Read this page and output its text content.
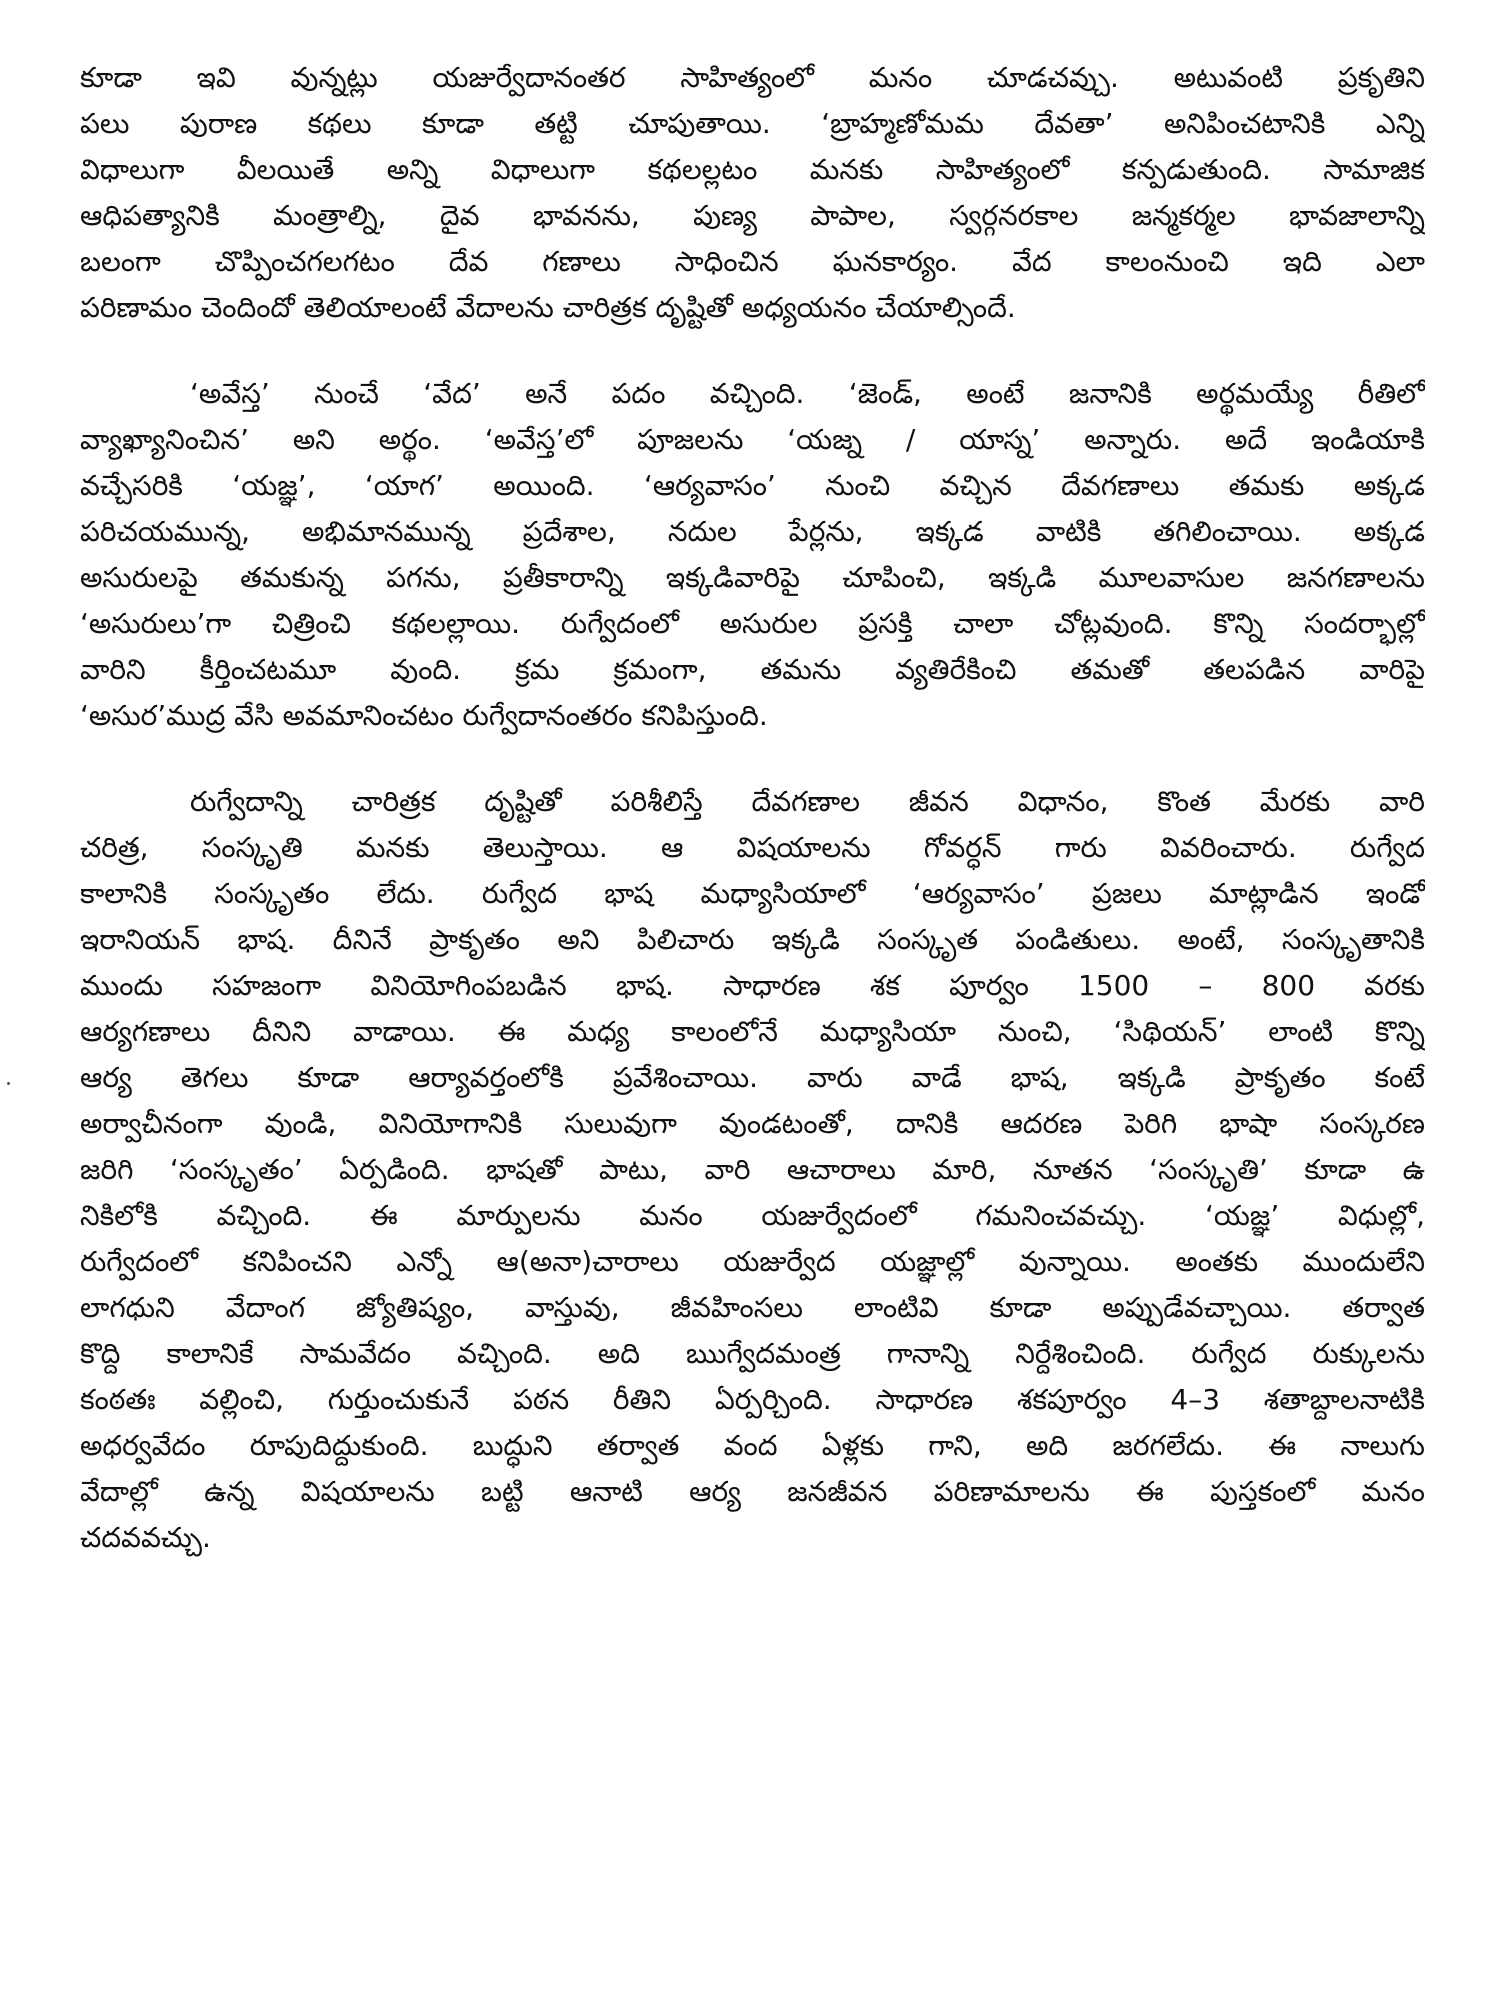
కూడా ఇవి వున్నట్లు యజుర్వేదానంతర సాహిత్యంలో మనం చూడచవ్చు. అటువంటి ప్రకృతిని
పలు పురాణ కథలు కూడా తట్టి చూపుతాయి. ‘బ్రాహ్మణోమమ దేవతా’ అనిపించటానికి ఎన్ని
విధాలుగా వీలయితే అన్ని విధాలుగా కథలల్లటం మనకు సాహిత్యంలో కన్పడుతుంది. సామాజిక
ఆధిపత్యానికి మంత్రాల్ని, దైవ భావనను, పుణ్య పాపాల, స్వర్గనరకాల జన్మకర్మల భావజాలాన్ని
బలంగా చొప్పించగలగటం దేవ గణాలు సాధించిన ఘనకార్యం. వేద కాలంనుంచి ఇది ఎలా
పరిణామం చెందిందో తెలియాలంటే వేదాలను చారిత్రక దృష్టితో అధ్యయనం చేయాల్సిందే.
‘అవేస్త’ నుంచే ‘వేద’ అనే పదం వచ్చింది. ‘జెండ్, అంటే జనానికి అర్థమయ్యే రీతిలో
వ్యాఖ్యానించిన’ అని అర్థం. ‘అవేస్త’లో పూజలను ‘యజ్న / యాస్న’ అన్నారు. అదే ఇండియాకి
వచ్చేసరికి ‘యజ్ఞ’, ‘యాగ’ అయింది. ‘ఆర్యవాసం’ నుంచి వచ్చిన దేవగణాలు తమకు అక్కడ
పరిచయమున్న, అభిమానమున్న ప్రదేశాల, నదుల పేర్లను, ఇక్కడ వాటికి తగిలించాయి. అక్కడ
అసురులపై తమకున్న పగను, ప్రతీకారాన్ని ఇక్కడివారిపై చూపించి, ఇక్కడి మూలవాసుల జనగణాలను
‘అసురులు’గా చిత్రించి కథలల్లాయి. రుగ్వేదంలో అసురుల ప్రసక్తి చాలా చోట్లవుంది. కొన్ని సందర్భాల్లో
వారిని కీర్తించటమూ వుంది. క్రమ క్రమంగా, తమను వ్యతిరేకించి తమతో తలపడిన వారిపై
‘అసుర’ముద్ర వేసి అవమానించటం రుగ్వేదానంతరం కనిపిస్తుంది.
రుగ్వేదాన్ని చారిత్రక దృష్టితో పరిశీలిస్తే దేవగణాల జీవన విధానం, కొంత మేరకు వారి
చరిత్ర, సంస్కృతి మనకు తెలుస్తాయి. ఆ విషయాలను గోవర్ధన్ గారు వివరించారు. రుగ్వేద
కాలానికి సంస్కృతం లేదు. రుగ్వేద భాష మధ్యాసియాలో ‘ఆర్యవాసం’ ప్రజలు మాట్లాడిన ఇండో
ఇరానియన్ భాష. దీనినే ప్రాకృతం అని పిలిచారు ఇక్కడి సంస్కృత పండితులు. అంటే, సంస్కృతానికి
ముందు సహజంగా వినియోగింపబడిన భాష. సాధారణ శక పూర్వం 1500 – 800 వరకు
ఆర్యగణాలు దీనిని వాడాయి. ఈ మధ్య కాలంలోనే మధ్యాసియా నుంచి, ‘సిథియన్’ లాంటి కొన్ని
ఆర్య తెగలు కూడా ఆర్యావర్తంలోకి ప్రవేశించాయి. వారు వాడే భాష, ఇక్కడి ప్రాకృతం కంటే
అర్వాచీనంగా వుండి, వినియోగానికి సులువుగా వుండటంతో, దానికి ఆదరణ పెరిగి భాషా సంస్కరణ
జరిగి ‘సంస్కృతం’ ఏర్పడింది. భాషతో పాటు, వారి ఆచారాలు మారి, నూతన ‘సంస్కృతి’ కూడా ఉ
నికిలోకి వచ్చింది. ఈ మార్పులను మనం యజుర్వేదంలో గమనించవచ్చు. ‘యజ్ఞ’ విధుల్లో,
రుగ్వేదంలో కనిపించని ఎన్నో ఆ(అనా)చారాలు యజుర్వేద యజ్ఞాల్లో వున్నాయి. అంతకు ముందులేని
లాగధుని వేదాంగ జ్యోతిష్యం, వాస్తువు, జీవహింసలు లాంటివి కూడా అప్పుడేవచ్చాయి. తర్వాత
కొద్ది కాలానికే సామవేదం వచ్చింది. అది ఋగ్వేదమంత్ర గానాన్ని నిర్దేశించింది. రుగ్వేద రుక్కులను
కంఠతః వల్లించి, గుర్తుంచుకునే పఠన రీతిని ఏర్పర్చింది. సాధారణ శకపూర్వం 4–3 శతాబ్దాలనాటికి
అధర్వవేదం రూపుదిద్దుకుంది. బుద్ధుని తర్వాత వంద ఏళ్లకు గాని, అది జరగలేదు. ఈ నాలుగు
వేదాల్లో ఉన్న విషయాలను బట్టి ఆనాటి ఆర్య జనజీవన పరిణామాలను ఈ పుస్తకంలో మనం
చదవవచ్చు.
